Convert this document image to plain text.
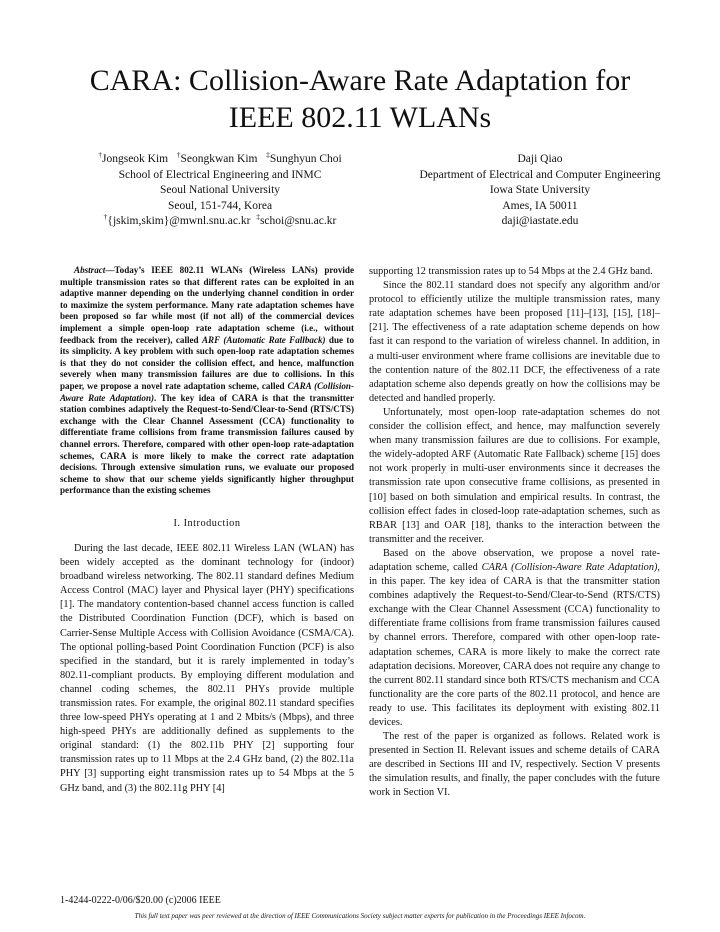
CARA: Collision-Aware Rate Adaptation for
IEEE 802.11 WLANs
†Jongseok Kim †Seongkwan Kim ‡Sunghyun Choi
School of Electrical Engineering and INMC
Seoul National University
Seoul, 151-744, Korea
†{jskim,skim}@mwnl.snu.ac.kr ‡schoi@snu.ac.kr
Daji Qiao
Department of Electrical and Computer Engineering
Iowa State University
Ames, IA 50011
daji@iastate.edu

Abstract—Today’s IEEE 802.11 WLANs (Wireless LANs) provide multiple transmission rates so that different rates can be exploited in an adaptive manner depending on the underlying channel condition in order to maximize the system performance. Many rate adaptation schemes have been proposed so far while most (if not all) of the commercial devices implement a simple open-loop rate adaptation scheme (i.e., without feedback from the receiver), called ARF (Automatic Rate Fallback) due to its simplicity. A key problem with such open-loop rate adaptation schemes is that they do not consider the collision effect, and hence, malfunction severely when many transmission failures are due to collisions. In this paper, we propose a novel rate adaptation scheme, called CARA (Collision-Aware Rate Adaptation). The key idea of CARA is that the transmitter station combines adaptively the Request-to-Send/Clear-to-Send (RTS/CTS) exchange with the Clear Channel Assessment (CCA) functionality to differentiate frame collisions from frame transmission failures caused by channel errors. Therefore, compared with other open-loop rate-adaptation schemes, CARA is more likely to make the correct rate adaptation decisions. Through extensive simulation runs, we evaluate our proposed scheme to show that our scheme yields significantly higher throughput performance than the existing schemes

I. Introduction

During the last decade, IEEE 802.11 Wireless LAN (WLAN) has been widely accepted as the dominant technology for (indoor) broadband wireless networking. The 802.11 standard defines Medium Access Control (MAC) layer and Physical layer (PHY) specifications [1]. The mandatory contention-based channel access function is called the Distributed Coordination Function (DCF), which is based on Carrier-Sense Multiple Access with Collision Avoidance (CSMA/CA). The optional polling-based Point Coordination Function (PCF) is also specified in the standard, but it is rarely implemented in today’s 802.11-compliant products. By employing different modulation and channel coding schemes, the 802.11 PHYs provide multiple transmission rates. For example, the original 802.11 standard specifies three low-speed PHYs operating at 1 and 2 Mbits/s (Mbps), and three high-speed PHYs are additionally defined as supplements to the original standard: (1) the 802.11b PHY [2] supporting four transmission rates up to 11 Mbps at the 2.4 GHz band, (2) the 802.11a PHY [3] supporting eight transmission rates up to 54 Mbps at the 5 GHz band, and (3) the 802.11g PHY [4]

supporting 12 transmission rates up to 54 Mbps at the 2.4 GHz band.

Since the 802.11 standard does not specify any algorithm and/or protocol to efficiently utilize the multiple transmission rates, many rate adaptation schemes have been proposed [11]–[13], [15], [18]–[21]. The effectiveness of a rate adaptation scheme depends on how fast it can respond to the variation of wireless channel. In addition, in a multi-user environment where frame collisions are inevitable due to the contention nature of the 802.11 DCF, the effectiveness of a rate adaptation scheme also depends greatly on how the collisions may be detected and handled properly.

Unfortunately, most open-loop rate-adaptation schemes do not consider the collision effect, and hence, may malfunction severely when many transmission failures are due to collisions. For example, the widely-adopted ARF (Automatic Rate Fallback) scheme [15] does not work properly in multi-user environments since it decreases the transmission rate upon consecutive frame collisions, as presented in [10] based on both simulation and empirical results. In contrast, the collision effect fades in closed-loop rate-adaptation schemes, such as RBAR [13] and OAR [18], thanks to the interaction between the transmitter and the receiver.

Based on the above observation, we propose a novel rate-adaptation scheme, called CARA (Collision-Aware Rate Adaptation), in this paper. The key idea of CARA is that the transmitter station combines adaptively the Request-to-Send/Clear-to-Send (RTS/CTS) exchange with the Clear Channel Assessment (CCA) functionality to differentiate frame collisions from frame transmission failures caused by channel errors. Therefore, compared with other open-loop rate-adaptation schemes, CARA is more likely to make the correct rate adaptation decisions. Moreover, CARA does not require any change to the current 802.11 standard since both RTS/CTS mechanism and CCA functionality are the core parts of the 802.11 protocol, and hence are ready to use. This facilitates its deployment with existing 802.11 devices.

The rest of the paper is organized as follows. Related work is presented in Section II. Relevant issues and scheme details of CARA are described in Sections III and IV, respectively. Section V presents the simulation results, and finally, the paper concludes with the future work in Section VI.

1-4244-0222-0/06/$20.00 (c)2006 IEEE
This full text paper was peer reviewed at the direction of IEEE Communications Society subject matter experts for publication in the Proceedings IEEE Infocom.
